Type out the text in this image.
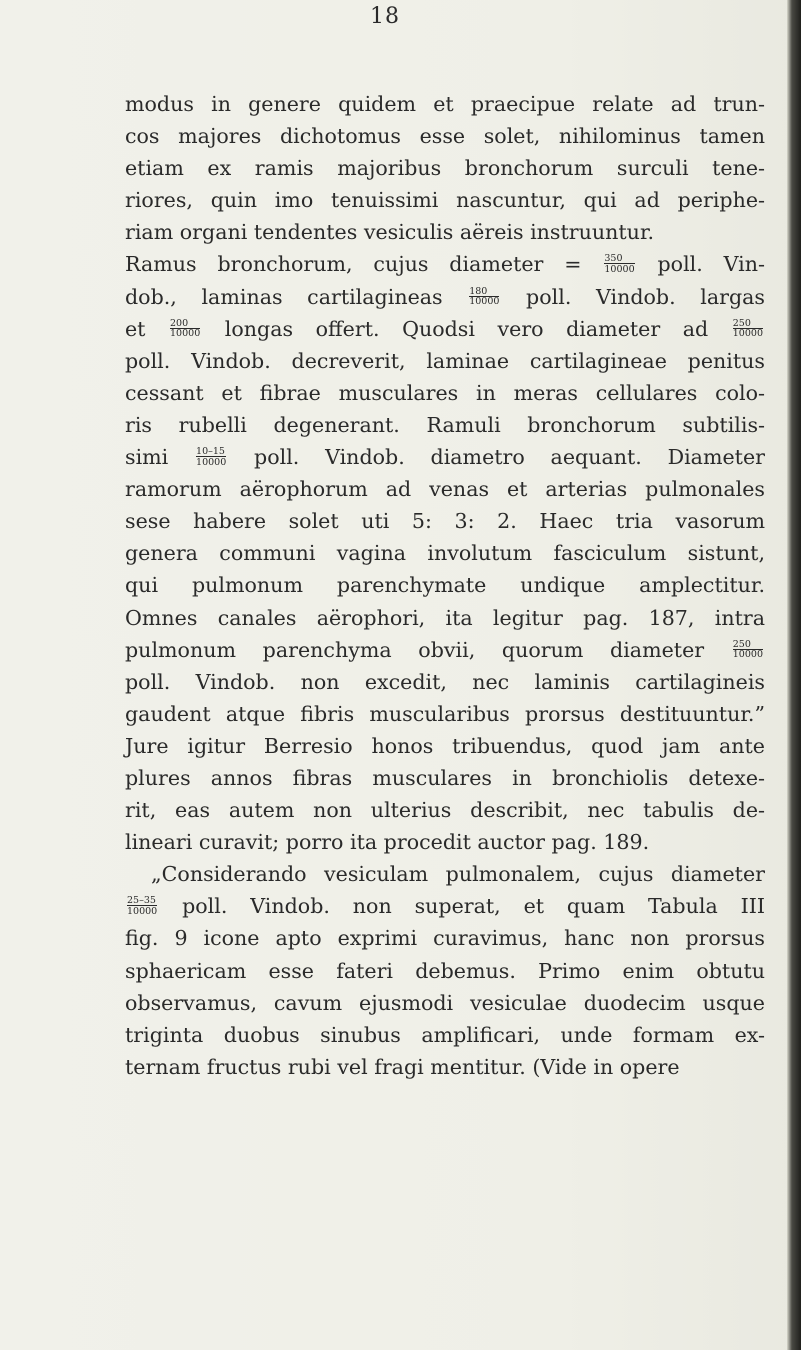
18
modus in genere quidem et praecipue relate ad trun-
cos majores dichotomus esse solet, nihilominus tamen
etiam ex ramis majoribus bronchorum surculi tene-
riores, quin imo tenuissimi nascuntur, qui ad periphe-
riam organi tendentes vesiculis aëreis instruuntur.
Ramus bronchorum, cujus diameter = $\frac{350}{10000}$ poll. Vin-
dob., laminas cartilagineas $\frac{180}{10000}$ poll. Vindob. largas
et $\frac{200}{10000}$ longas offert. Quodsi vero diameter ad $\frac{250}{10000}$
poll. Vindob. decreverit, laminae cartilagineae penitus
cessant et fibrae musculares in meras cellulares colo-
ris rubelli degenerant. Ramuli bronchorum subtilis-
simi $\frac{10-15}{10000}$ poll. Vindob. diametro aequant. Diameter
ramorum aërophorum ad venas et arterias pulmonales
sese habere solet uti 5: 3: 2. Haec tria vasorum
genera communi vagina involutum fasciculum sistunt,
qui pulmonum parenchymate undique amplectitur.
Omnes canales aërophori, ita legitur pag. 187, intra
pulmonum parenchyma obvii, quorum diameter $\frac{250}{10000}$
poll. Vindob. non excedit, nec laminis cartilagineis
gaudent atque fibris muscularibus prorsus destituuntur.”
Jure igitur Berresio honos tribuendus, quod jam ante
plures annos fibras musculares in bronchiolis detexe-
rit, eas autem non ulterius describit, nec tabulis de-
lineari curavit; porro ita procedit auctor pag. 189.
„Considerando vesiculam pulmonalem, cujus diameter
$\frac{25-35}{10000}$ poll. Vindob. non superat, et quam Tabula III
fig. 9 icone apto exprimi curavimus, hanc non prorsus
sphaericam esse fateri debemus. Primo enim obtutu
observamus, cavum ejusmodi vesiculae duodecim usque
triginta duobus sinubus amplificari, unde formam ex-
ternam fructus rubi vel fragi mentitur. (Vide in opere
